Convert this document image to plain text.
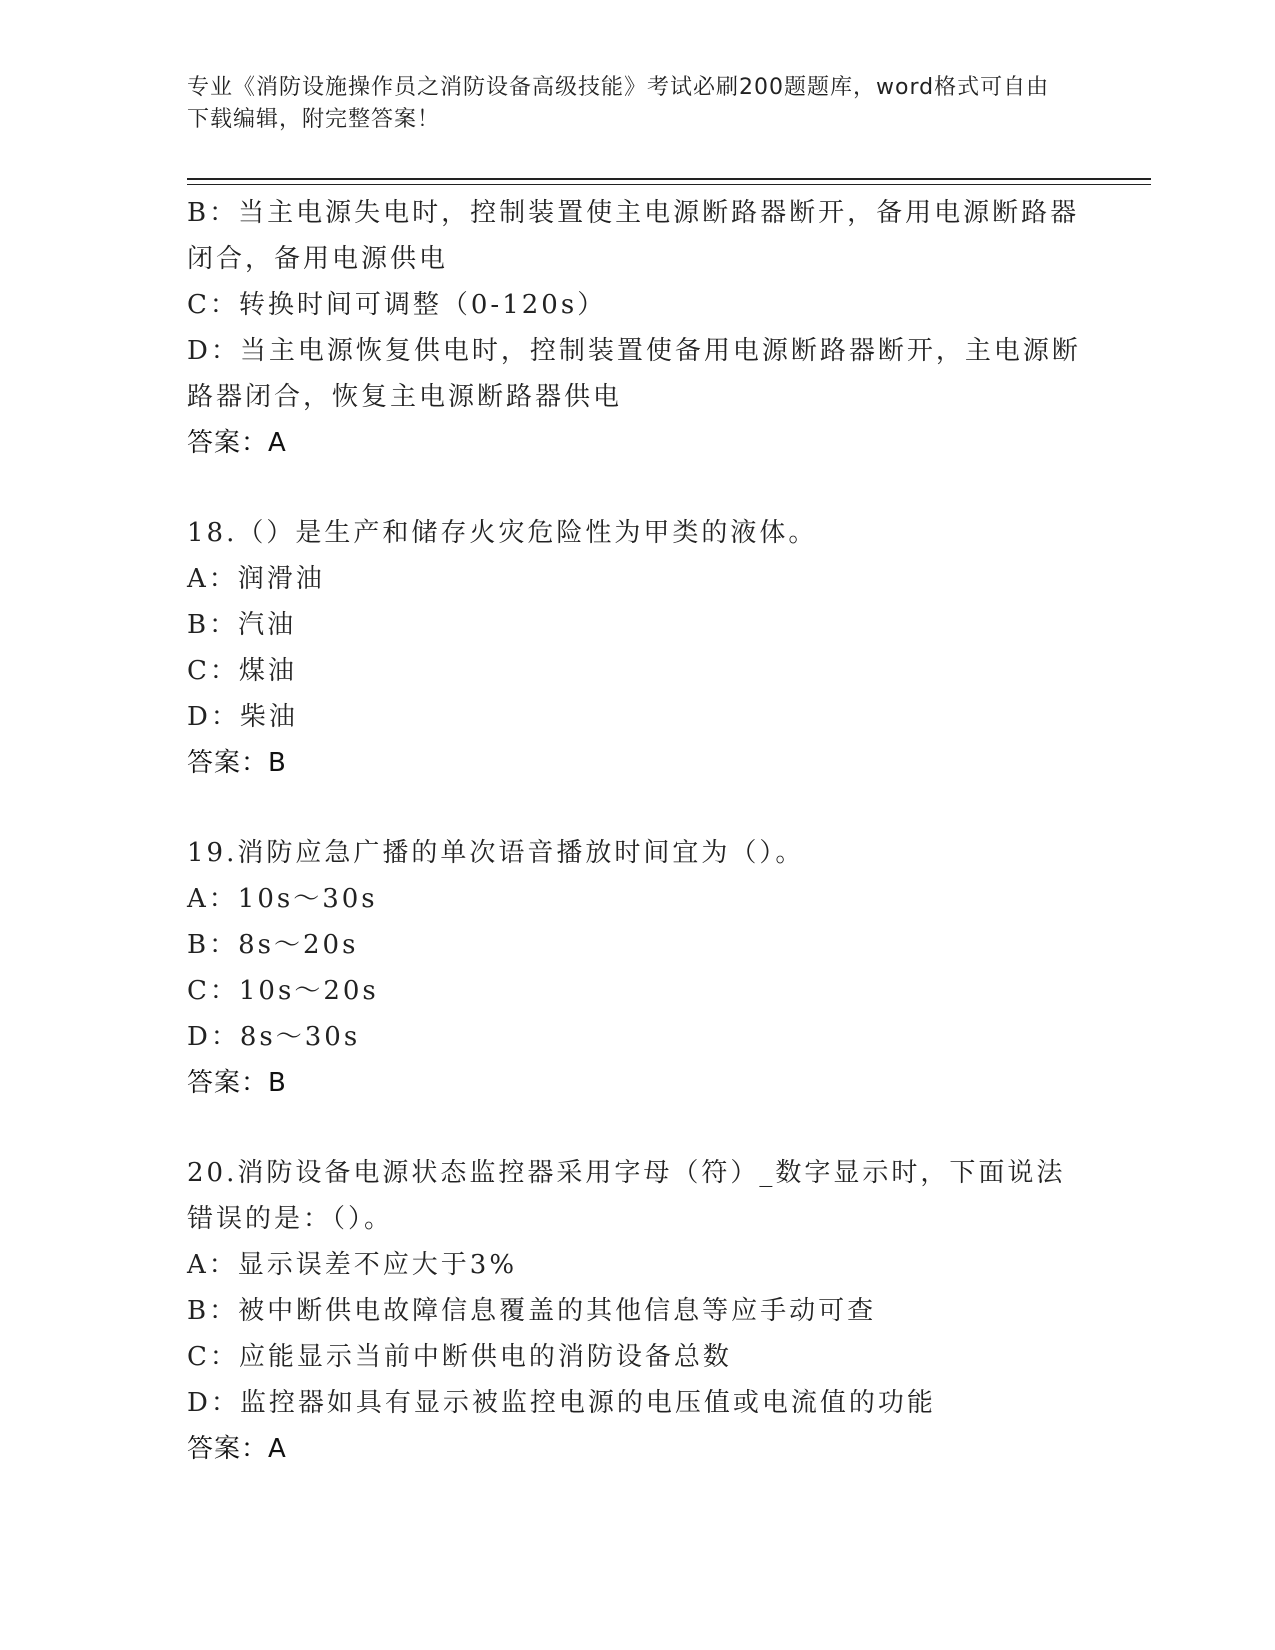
专业《消防设施操作员之消防设备高级技能》考试必刷200题题库，word格式可自由下载编辑，附完整答案！

B：当主电源失电时，控制装置使主电源断路器断开，备用电源断路器闭合，备用电源供电

C：转换时间可调整（0-120s）

D：当主电源恢复供电时，控制装置使备用电源断路器断开，主电源断路器闭合，恢复主电源断路器供电

答案：A

18.（）是生产和储存火灾危险性为甲类的液体。

A：润滑油

B：汽油

C：煤油

D：柴油

答案：B

19.消防应急广播的单次语音播放时间宜为（）。

A：10s～30s

B：8s～20s

C：10s～20s

D：8s～30s

答案：B

20.消防设备电源状态监控器采用字母（符）_数字显示时，下面说法错误的是：（）。

A：显示误差不应大于3%

B：被中断供电故障信息覆盖的其他信息等应手动可查

C：应能显示当前中断供电的消防设备总数

D：监控器如具有显示被监控电源的电压值或电流值的功能

答案：A
